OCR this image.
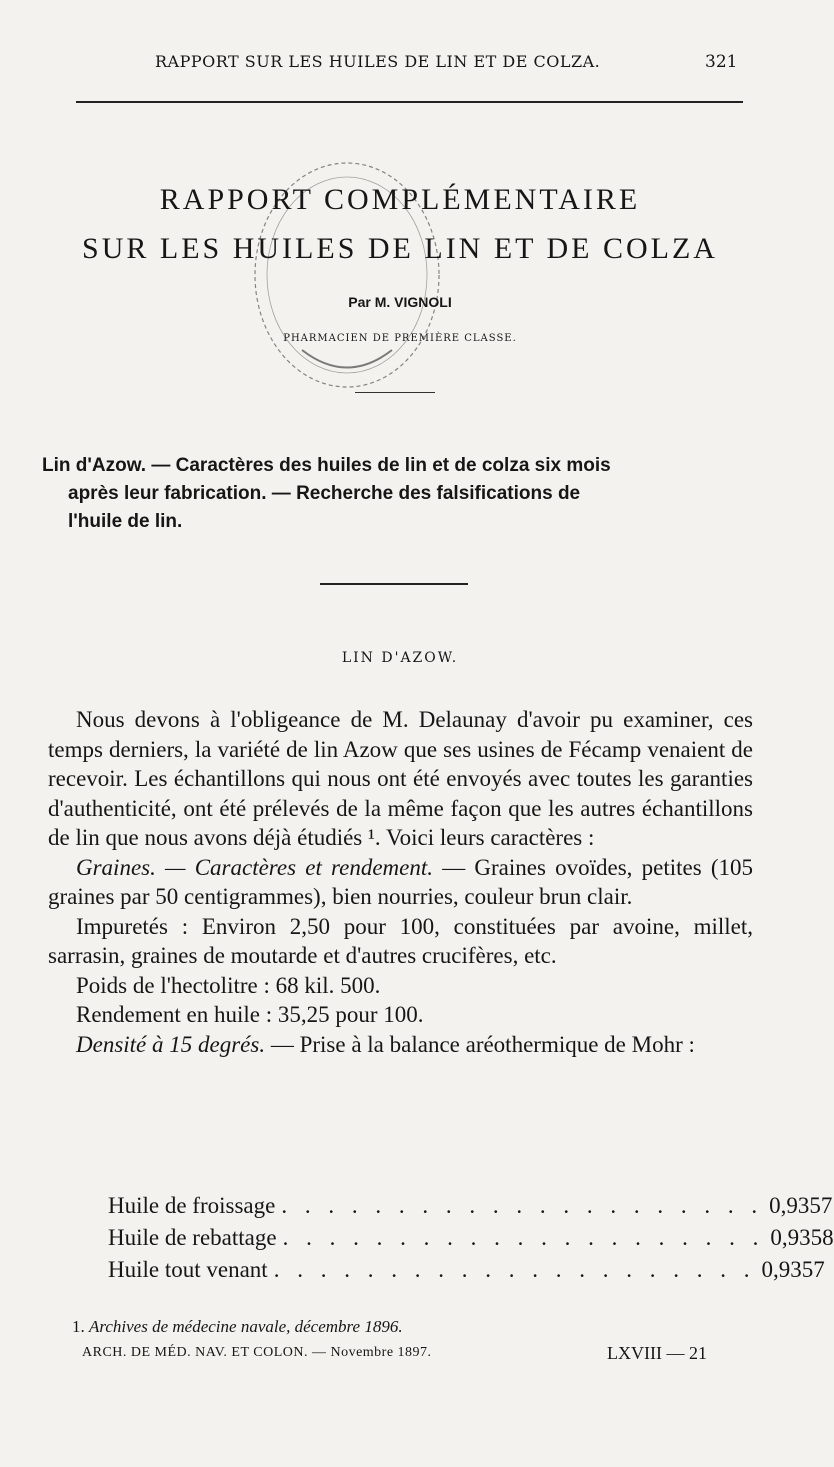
RAPPORT SUR LES HUILES DE LIN ET DE COLZA.	321
RAPPORT COMPLÉMENTAIRE
SUR LES HUILES DE LIN ET DE COLZA
Par M. VIGNOLI
PHARMACIEN DE PREMIÈRE CLASSE.
Lin d'Azow. — Caractères des huiles de lin et de colza six mois
après leur fabrication. — Recherche des falsifications de
l'huile de lin.
LIN D'AZOW.

Nous devons à l'obligeance de M. Delaunay d'avoir pu examiner, ces temps derniers, la variété de lin Azow que ses usines de Fécamp venaient de recevoir. Les échantillons qui nous ont été envoyés avec toutes les garanties d'authenticité, ont été prélevés de la même façon que les autres échantillons de lin que nous avons déjà étudiés ¹. Voici leurs caractères :

Graines. — Caractères et rendement. — Graines ovoïdes, petites (105 graines par 50 centigrammes), bien nourries, couleur brun clair.

Impuretés : Environ 2,50 pour 100, constituées par avoine, millet, sarrasin, graines de moutarde et d'autres crucifères, etc.

Poids de l'hectolitre : 68 kil. 500.

Rendement en huile : 35,25 pour 100.

Densité à 15 degrés. — Prise à la balance aréothermique de Mohr :

Huile de froissage . . . . . . . . . . . . . . . . . . . . . 0,9357
Huile de rebattage . . . . . . . . . . . . . . . . . . . . . 0,9358
Huile tout venant . . . . . . . . . . . . . . . . . . . . . 0,9357
1. Archives de médecine navale, décembre 1896.
ARCH. DE MÉD. NAV. ET COLON. — Novembre 1897.	LXVIII — 21
